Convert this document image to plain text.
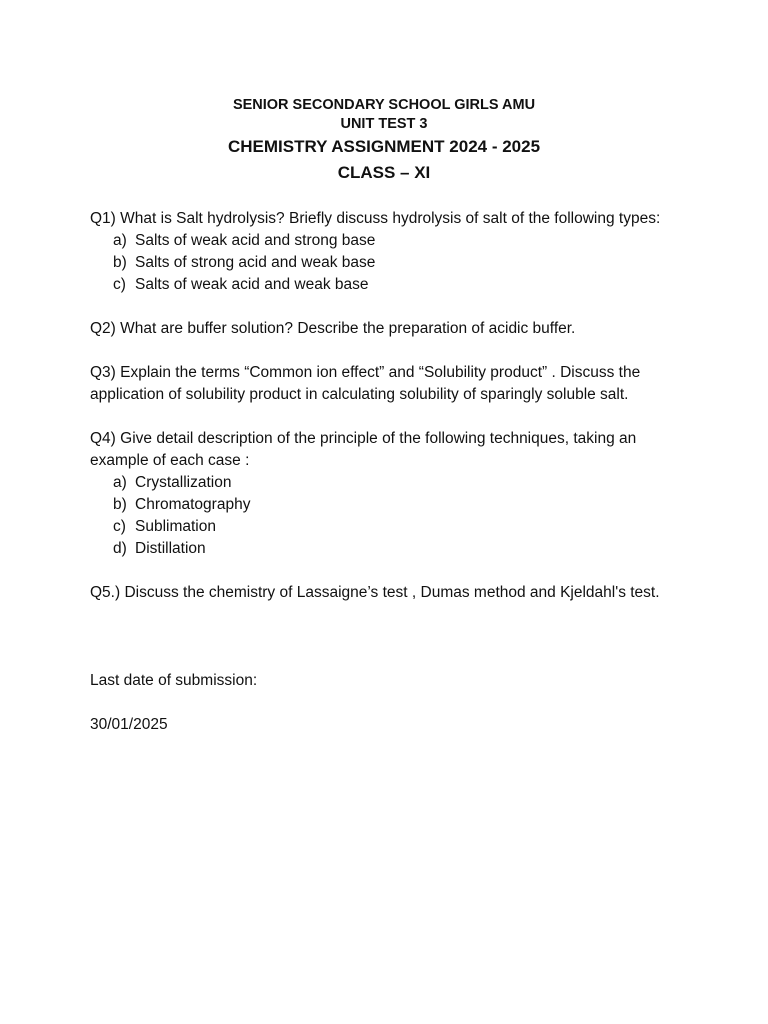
SENIOR SECONDARY SCHOOL GIRLS AMU
UNIT TEST 3
CHEMISTRY ASSIGNMENT 2024 - 2025
CLASS – XI
Q1) What is Salt hydrolysis? Briefly discuss hydrolysis of salt of the following types:
a) Salts of weak acid and strong base
b) Salts of strong acid and weak base
c) Salts of weak acid and weak base
Q2) What are buffer solution? Describe the preparation of acidic buffer.
Q3) Explain the terms “Common ion effect” and “Solubility product” . Discuss the application of solubility product in calculating solubility of sparingly soluble salt.
Q4) Give detail description of the principle of the following techniques, taking an example of each case :
a) Crystallization
b) Chromatography
c) Sublimation
d) Distillation
Q5.) Discuss the chemistry of Lassaigne’s test , Dumas method and Kjeldahl's test.
Last date of submission:
30/01/2025
